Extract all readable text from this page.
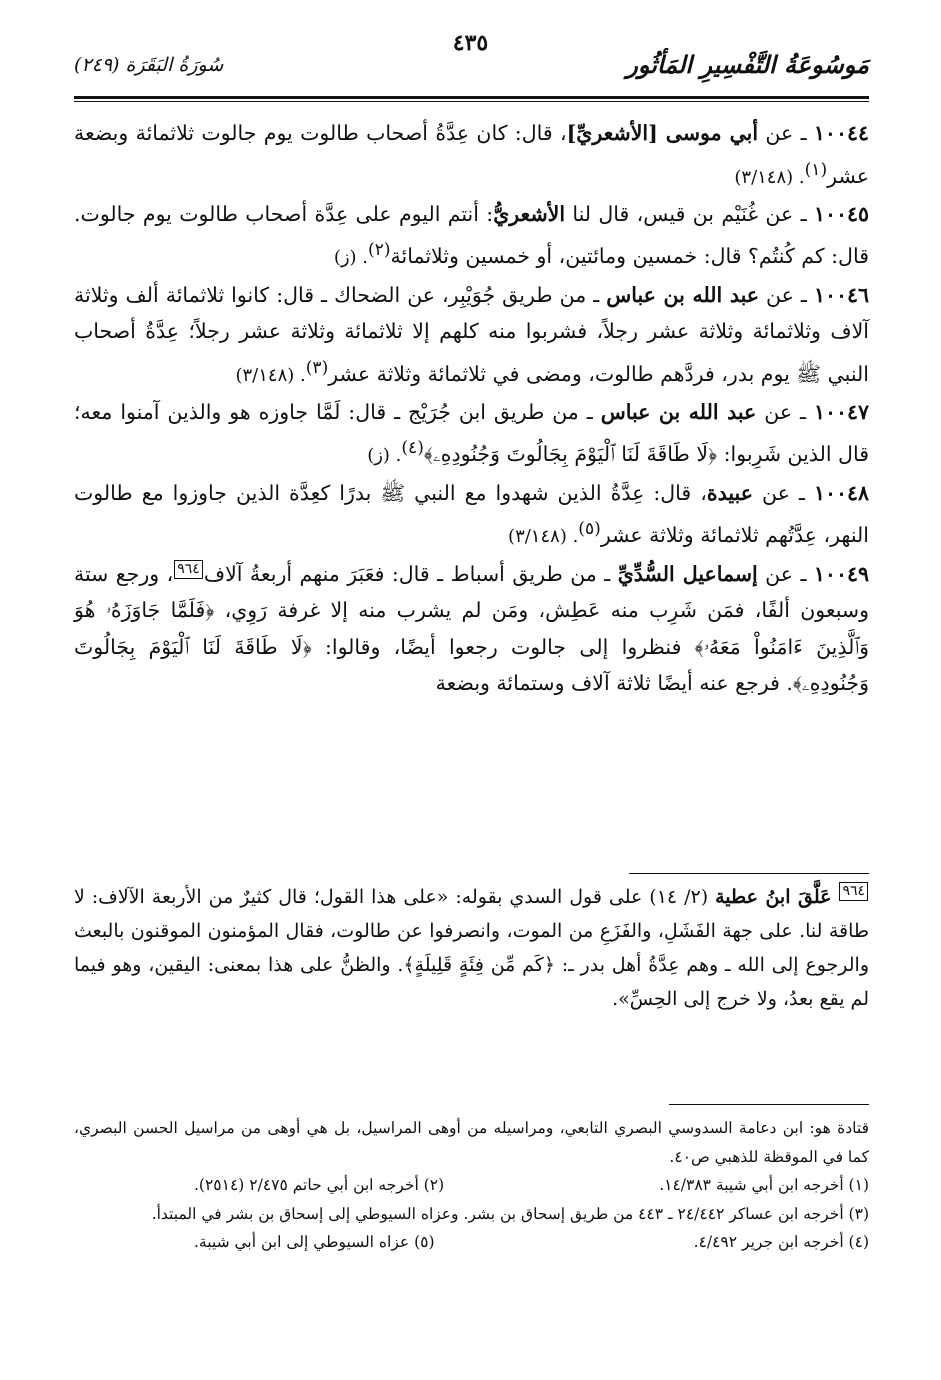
مَوسُوعَةُ التَّفْسِيرِ المَأثُور
سُورَةُ البَقَرَة (٢٤٩)
٤٣٥

١٠٠٤٤ ـ عن أبي موسى [الأشعريِّ]، قال: كان عِدَّةُ أصحاب طالوت يوم جالوت ثلاثمائة وبضعة عشر$^{(١)}$. (٣/١٤٨)

١٠٠٤٥ ـ عن غُنَيْم بن قيس، قال لنا الأشعريُّ: أنتم اليوم على عِدَّة أصحاب طالوت يوم جالوت. قال: كم كُنتُم؟ قال: خمسين ومائتين، أو خمسين وثلاثمائة$^{(٢)}$. (ز)

١٠٠٤٦ ـ عن عبد الله بن عباس ـ من طريق جُوَيْبِر، عن الضحاك ـ قال: كانوا ثلاثمائة ألف وثلاثة آلاف وثلاثمائة وثلاثة عشر رجلاً، فشربوا منه كلهم إلا ثلاثمائة وثلاثة عشر رجلاً؛ عِدَّةُ أصحاب النبي ﷺ يوم بدر، فردَّهم طالوت، ومضى في ثلاثمائة وثلاثة عشر$^{(٣)}$. (٣/١٤٨)

١٠٠٤٧ ـ عن عبد الله بن عباس ـ من طريق ابن جُرَيْج ـ قال: لَمَّا جاوزه هو والذين آمنوا معه؛ قال الذين شَرِبوا: ﴿لَا طَاقَةَ لَنَا ٱلْيَوْمَ بِجَالُوتَ وَجُنُودِهِۦ﴾$^{(٤)}$. (ز)

١٠٠٤٨ ـ عن عبيدة، قال: عِدَّةُ الذين شهدوا مع النبي ﷺ بدرًا كعِدَّة الذين جاوزوا مع طالوت النهر، عِدَّتُهم ثلاثمائة وثلاثة عشر$^{(٥)}$. (٣/١٤٨)

١٠٠٤٩ ـ عن إسماعيل السُّدِّيِّ ـ من طريق أسباط ـ قال: فعَبَرَ منهم أربعةُ آلاف٩٦٤، ورجع ستة وسبعون ألفًا، فمَن شَرِب منه عَطِش، ومَن لم يشرب منه إلا غرفة رَوِي، ﴿فَلَمَّا جَاوَزَهُۥ هُوَ وَٱلَّذِينَ ءَامَنُواْ مَعَهُۥ﴾ فنظروا إلى جالوت رجعوا أيضًا، وقالوا: ﴿لَا طَاقَةَ لَنَا ٱلْيَوْمَ بِجَالُوتَ وَجُنُودِهِۦ﴾. فرجع عنه أيضًا ثلاثة آلاف وستمائة وبضعة

٩٦٤ عَلَّقَ ابنُ عطية (٢/ ١٤) على قول السدي بقوله: «على هذا القول؛ قال كثيرٌ من الأربعة الآلاف: لا طاقة لنا. على جهة الفَشَلِ، والفَزَعِ من الموت، وانصرفوا عن طالوت، فقال المؤمنون الموقنون بالبعث والرجوع إلى الله ـ وهم عِدَّةُ أهل بدر ـ: ﴿كَم مِّن فِئَةٍ قَلِيلَةٍ﴾. والظنُّ على هذا بمعنى: اليقين، وهو فيما لم يقع بعدُ، ولا خرج إلى الحِسِّ».
قتادة هو: ابن دعامة السدوسي البصري التابعي، ومراسيله من أوهى المراسيل، بل هي أوهى من مراسيل الحسن البصري، كما في الموقظة للذهبي ص٤٠.
(١) أخرجه ابن أبي شيبة ١٤/٣٨٣.
(٢) أخرجه ابن أبي حاتم ٢/٤٧٥ (٢٥١٤).
(٣) أخرجه ابن عساكر ٢٤/٤٤٢ ـ ٤٤٣ من طريق إسحاق بن بشر. وعزاه السيوطي إلى إسحاق بن بشر في المبتدأ.
(٤) أخرجه ابن جرير ٤/٤٩٢.
(٥) عزاه السيوطي إلى ابن أبي شيبة.
